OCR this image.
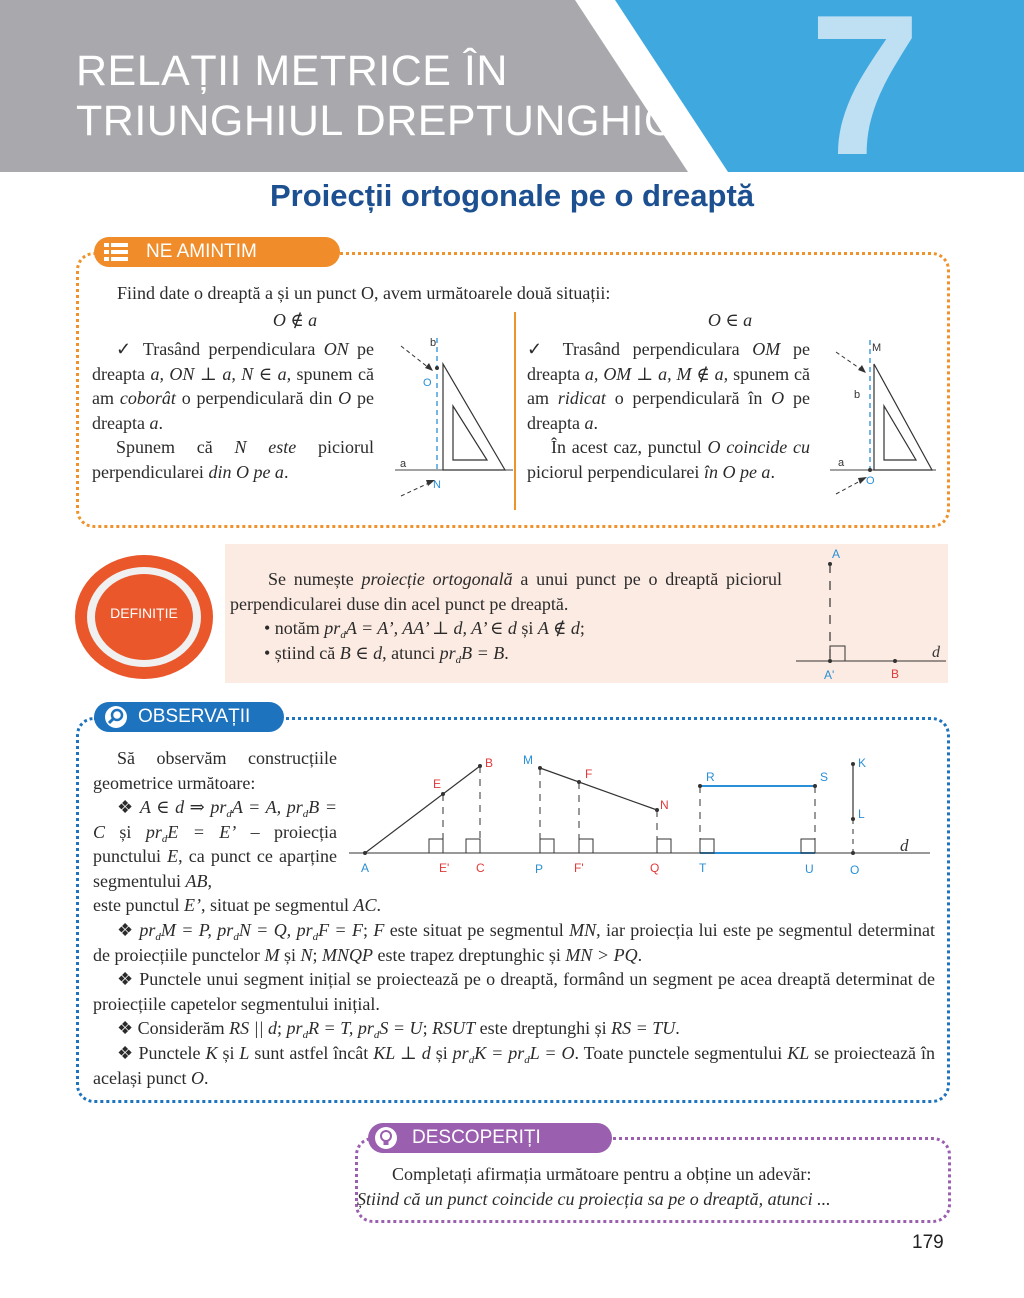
7
RELAȚII METRICE ÎN
TRIUNGHIUL DREPTUNGHIC
Proiecții ortogonale pe o dreaptă
NE AMINTIM
Fiind date o dreaptă a și un punct O, avem următoarele două situații:
O ∉ a	O ∈ a
✓ Trasând perpendiculara ON pe dreapta a, ON ⊥ a, N ∈ a, spunem că am coborât o perpendiculară din O pe dreapta a.
Spunem că N este piciorul perpendicularei din O pe a.
b
O
a
N
✓ Trasând perpendiculara OM pe dreapta a, OM ⊥ a, M ∉ a, spunem că am ridicat o perpendiculară în O pe dreapta a.
În acest caz, punctul O coincide cu piciorul perpendicularei în O pe a.
M
b
a
O
DEFINIȚIE
Se numește proiecție ortogonală a unui punct pe o dreaptă piciorul perpendicularei duse din acel punct pe dreaptă.
• notăm $pr_dA = A$’, AA’ ⊥ d, A’ ∈ d și A ∉ d;
• știind că B ∈ d, atunci $pr_dB = B$.
A
d
A'	B
OBSERVAȚII
Să observăm construcțiile geometrice următoare:
❖ A ∈ d ⇒ $pr_dA = A$, $pr_dB = C$ și $pr_dE = E$’ – proiecția punctului E, ca punct ce aparține segmentului AB,
este punctul E’, situat pe segmentul AC.
A
B
E
E' C
M
F
N
P	F'	Q
R	S
T	U
K
L
O
d
❖ $pr_dM = P$, $pr_dN = Q$, $pr_dF = F$; F este situat pe segmentul MN, iar proiecția lui este pe segmentul determinat de proiecțiile punctelor M și N; MNQP este trapez dreptunghic și MN > PQ.
❖ Punctele unui segment inițial se proiectează pe o dreaptă, formând un segment pe acea dreaptă determinat de proiecțiile capetelor segmentului inițial.
❖ Considerăm RS || d; $pr_dR = T$, $pr_dS = U$; RSUT este dreptunghi și RS = TU.
❖ Punctele K și L sunt astfel încât KL ⊥ d și $pr_dK = pr_dL = O$. Toate punctele segmentului KL se proiectează în același punct O.
DESCOPERIȚI
Completați afirmația următoare pentru a obține un adevăr:
Știind că un punct coincide cu proiecția sa pe o dreaptă, atunci ...
179
